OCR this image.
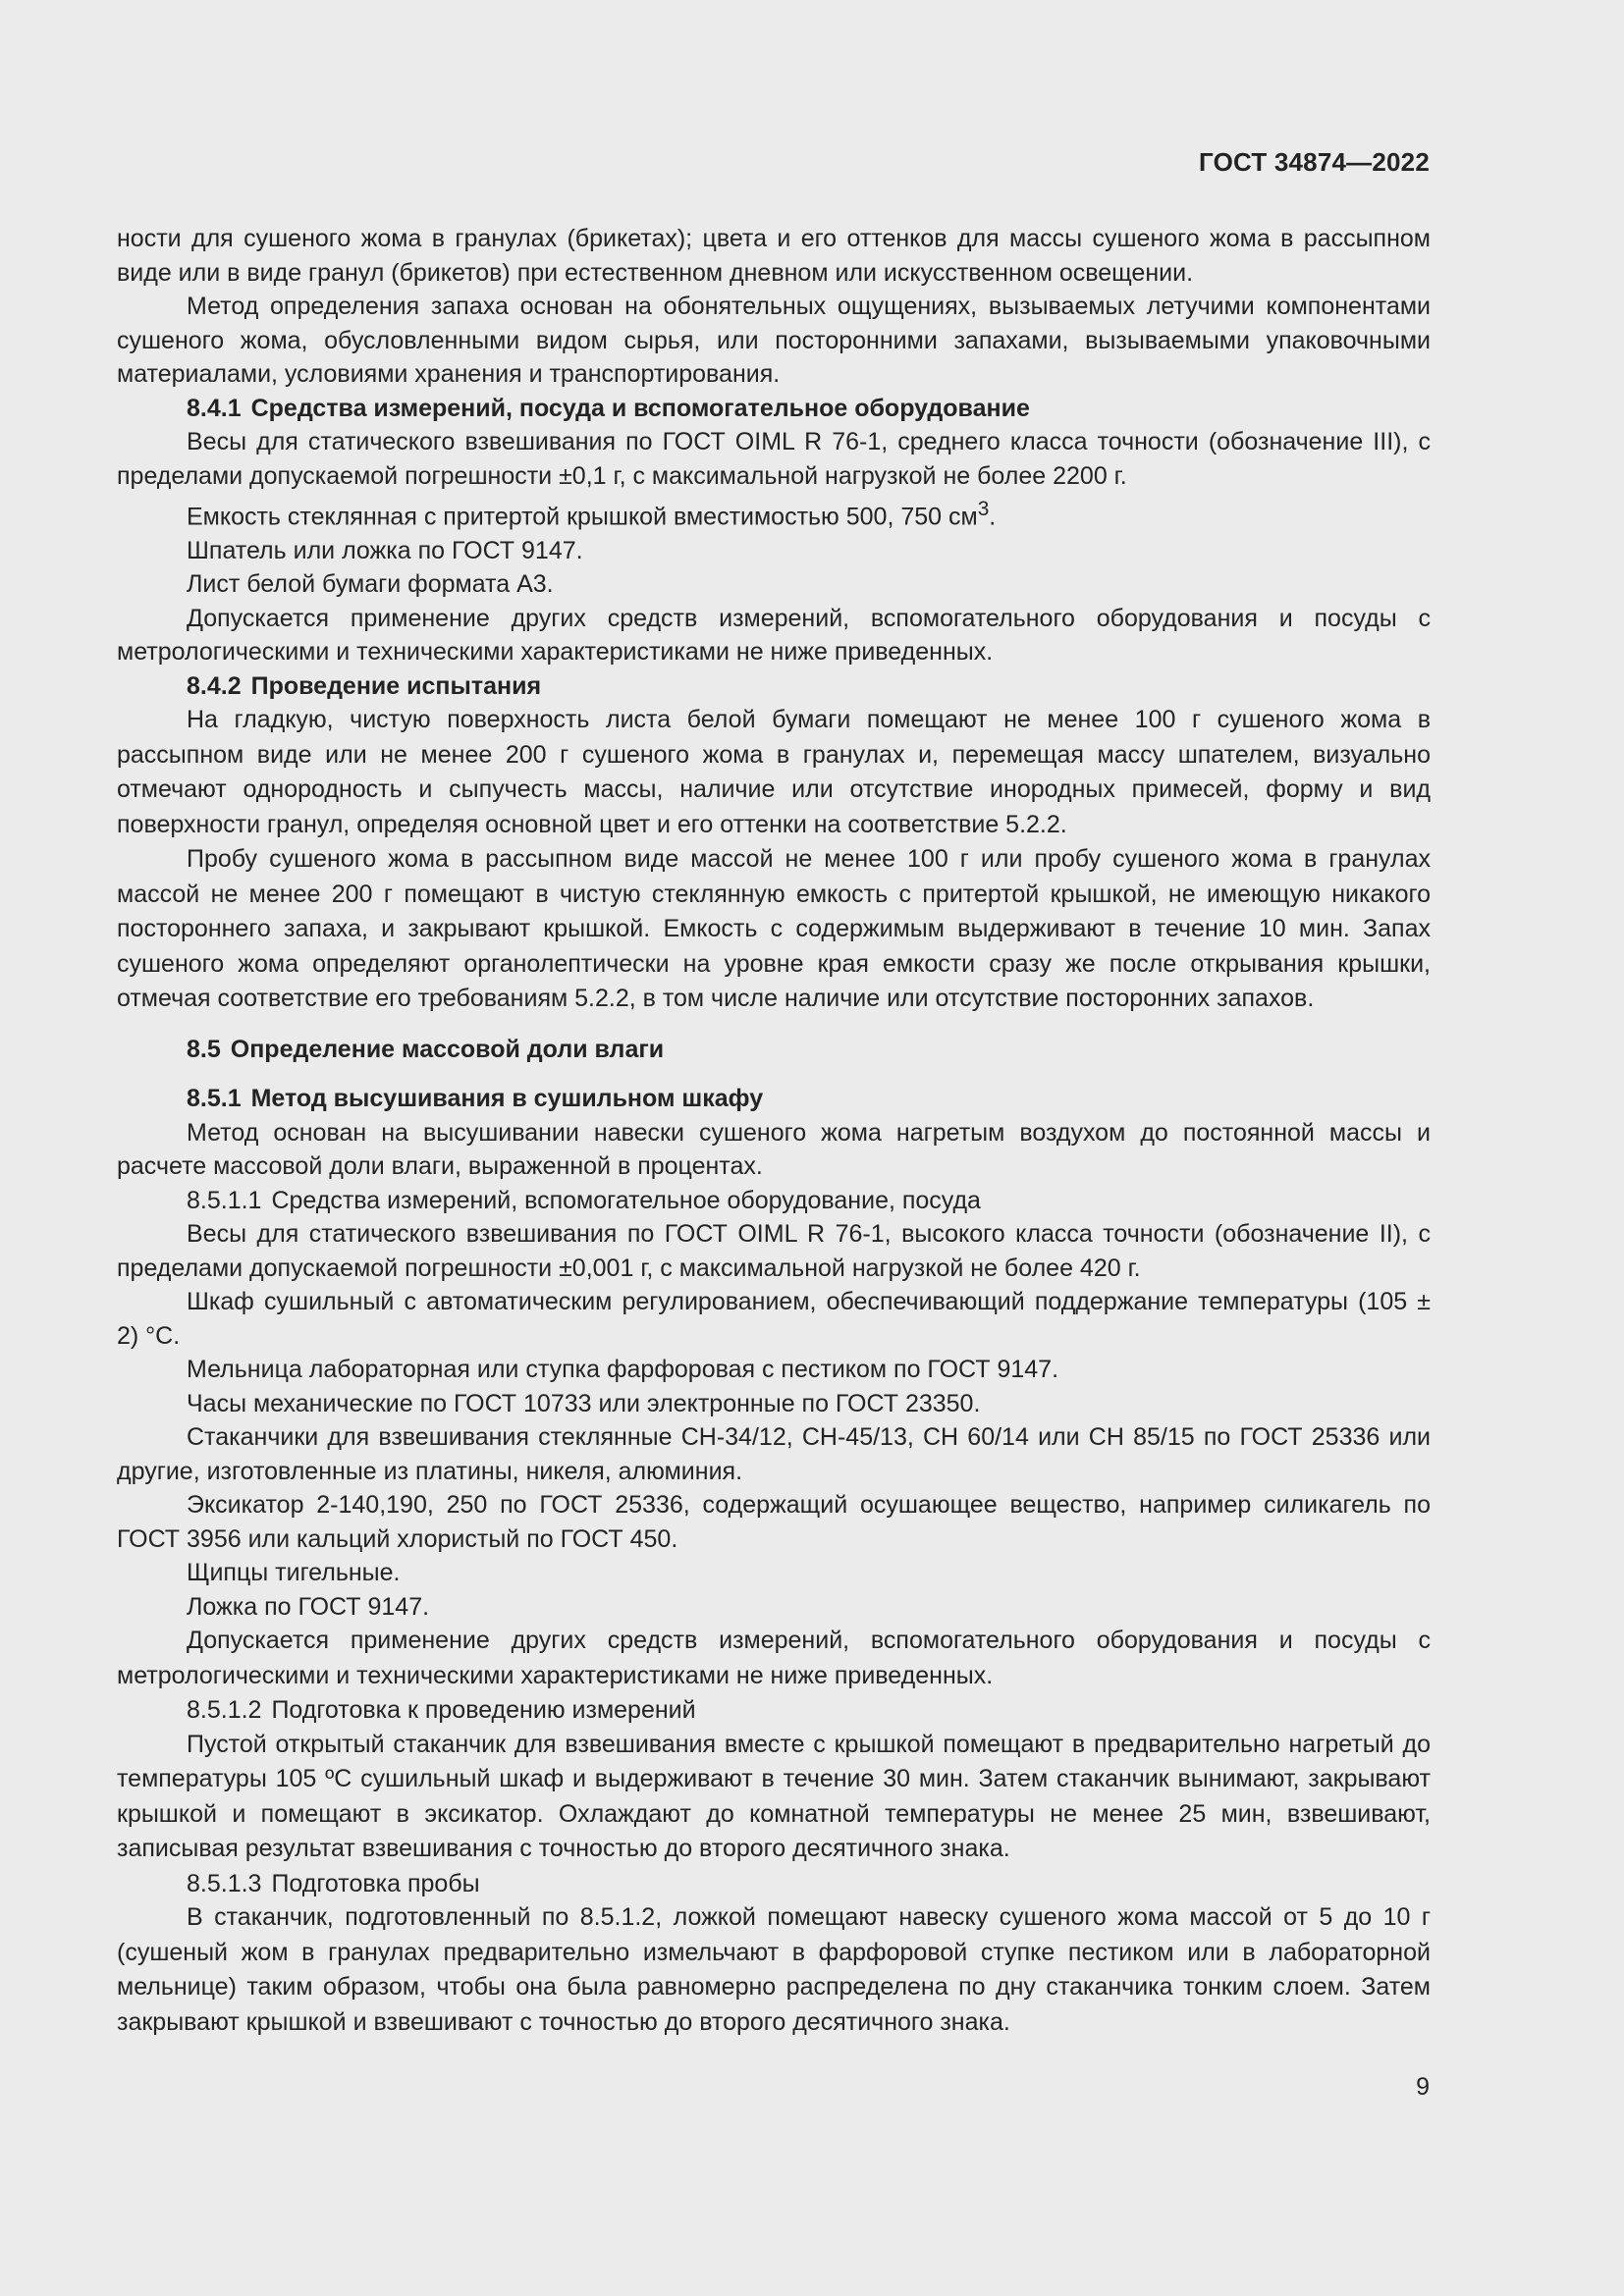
ГОСТ 34874—2022

ности для сушеного жома в гранулах (брикетах); цвета и его оттенков для массы сушеного жома в рассыпном виде или в виде гранул (брикетов) при естественном дневном или искусственном освещении.

Метод определения запаха основан на обонятельных ощущениях, вызываемых летучими компонентами сушеного жома, обусловленными видом сырья, или посторонними запахами, вызываемыми упаковочными материалами, условиями хранения и транспортирования.

8.4.1 Средства измерений, посуда и вспомогательное оборудование

Весы для статического взвешивания по ГОСТ OIML R 76-1, среднего класса точности (обозначение III), с пределами допускаемой погрешности ±0,1 г, с максимальной нагрузкой не более 2200 г.

Емкость стеклянная с притертой крышкой вместимостью 500, 750 $см^3$.

Шпатель или ложка по ГОСТ 9147.

Лист белой бумаги формата А3.

Допускается применение других средств измерений, вспомогательного оборудования и посуды с метрологическими и техническими характеристиками не ниже приведенных.

8.4.2 Проведение испытания

На гладкую, чистую поверхность листа белой бумаги помещают не менее 100 г сушеного жома в рассыпном виде или не менее 200 г сушеного жома в гранулах и, перемещая массу шпателем, визуально отмечают однородность и сыпучесть массы, наличие или отсутствие инородных примесей, форму и вид поверхности гранул, определяя основной цвет и его оттенки на соответствие 5.2.2.

Пробу сушеного жома в рассыпном виде массой не менее 100 г или пробу сушеного жома в гранулах массой не менее 200 г помещают в чистую стеклянную емкость с притертой крышкой, не имеющую никакого постороннего запаха, и закрывают крышкой. Емкость с содержимым выдерживают в течение 10 мин. Запах сушеного жома определяют органолептически на уровне края емкости сразу же после открывания крышки, отмечая соответствие его требованиям 5.2.2, в том числе наличие или отсутствие посторонних запахов.

8.5 Определение массовой доли влаги

8.5.1 Метод высушивания в сушильном шкафу

Метод основан на высушивании навески сушеного жома нагретым воздухом до постоянной массы и расчете массовой доли влаги, выраженной в процентах.

8.5.1.1 Средства измерений, вспомогательное оборудование, посуда

Весы для статического взвешивания по ГОСТ OIML R 76-1, высокого класса точности (обозначение II), с пределами допускаемой погрешности ±0,001 г, с максимальной нагрузкой не более 420 г.

Шкаф сушильный с автоматическим регулированием, обеспечивающий поддержание температуры (105 ± 2) °С.

Мельница лабораторная или ступка фарфоровая с пестиком по ГОСТ 9147.

Часы механические по ГОСТ 10733 или электронные по ГОСТ 23350.

Стаканчики для взвешивания стеклянные СН-34/12, СН-45/13, СН 60/14 или СН 85/15 по ГОСТ 25336 или другие, изготовленные из платины, никеля, алюминия.

Эксикатор 2-140,190, 250 по ГОСТ 25336, содержащий осушающее вещество, например силикагель по ГОСТ 3956 или кальций хлористый по ГОСТ 450.

Щипцы тигельные.

Ложка по ГОСТ 9147.

Допускается применение других средств измерений, вспомогательного оборудования и посуды с метрологическими и техническими характеристиками не ниже приведенных.

8.5.1.2 Подготовка к проведению измерений

Пустой открытый стаканчик для взвешивания вместе с крышкой помещают в предварительно нагретый до температуры 105 ºС сушильный шкаф и выдерживают в течение 30 мин. Затем стаканчик вынимают, закрывают крышкой и помещают в эксикатор. Охлаждают до комнатной температуры не менее 25 мин, взвешивают, записывая результат взвешивания с точностью до второго десятичного знака.

8.5.1.3 Подготовка пробы

В стаканчик, подготовленный по 8.5.1.2, ложкой помещают навеску сушеного жома массой от 5 до 10 г (сушеный жом в гранулах предварительно измельчают в фарфоровой ступке пестиком или в лабораторной мельнице) таким образом, чтобы она была равномерно распределена по дну стаканчика тонким слоем. Затем закрывают крышкой и взвешивают с точностью до второго десятичного знака.

9
